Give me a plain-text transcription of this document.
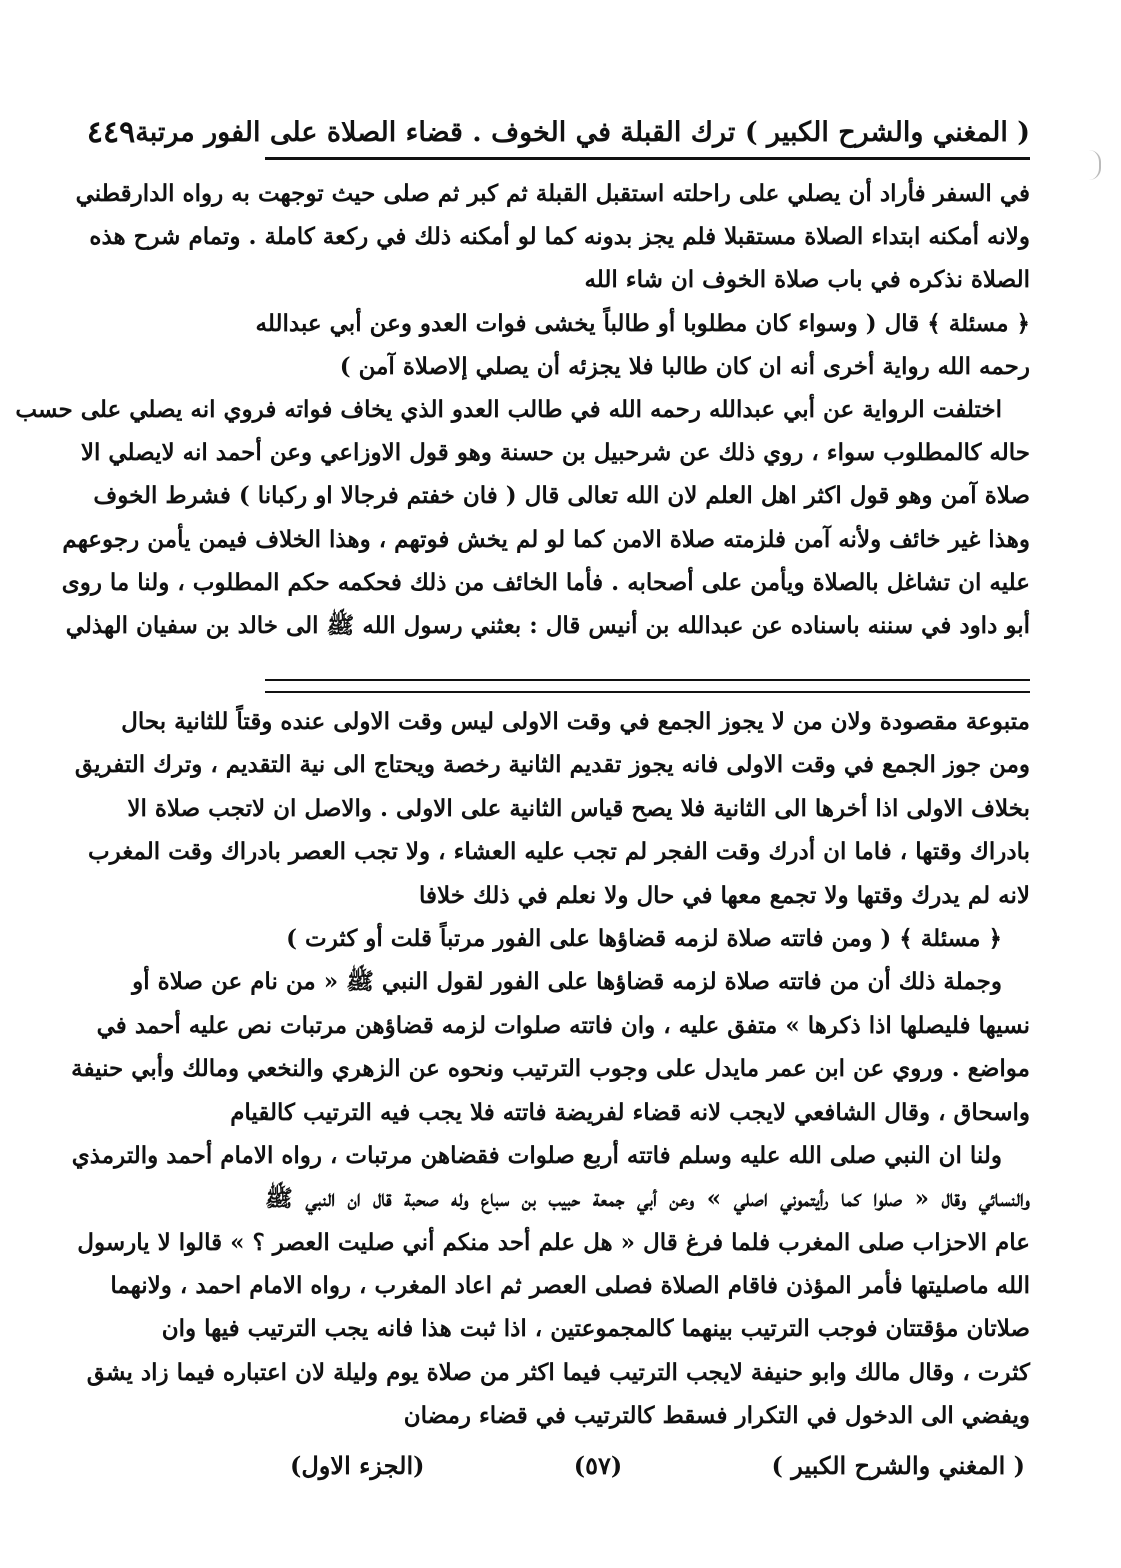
( المغني والشرح الكبير ) ترك القبلة في الخوف . قضاء الصلاة على الفور مرتبة
٤٤٩
في السفر فأراد أن يصلي على راحلته استقبل القبلة ثم كبر ثم صلى حيث توجهت به رواه الدارقطني
ولانه أمكنه ابتداء الصلاة مستقبلا فلم يجز بدونه كما لو أمكنه ذلك في ركعة كاملة . وتمام شرح هذه
الصلاة نذكره في باب صلاة الخوف ان شاء الله
﴿ مسئلة ﴾ قال ( وسواء كان مطلوبا أو طالباً يخشى فوات العدو وعن أبي عبدالله
رحمه الله رواية أخرى أنه ان كان طالبا فلا يجزئه أن يصلي إلاصلاة آمن )
اختلفت الرواية عن أبي عبدالله رحمه الله في طالب العدو الذي يخاف فواته فروي انه يصلي على حسب
حاله كالمطلوب سواء ، روي ذلك عن شرحبيل بن حسنة وهو قول الاوزاعي وعن أحمد انه لايصلي الا
صلاة آمن وهو قول اكثر اهل العلم لان الله تعالى قال ( فان خفتم فرجالا او ركبانا ) فشرط الخوف
وهذا غير خائف ولأنه آمن فلزمته صلاة الامن كما لو لم يخش فوتهم ، وهذا الخلاف فيمن يأمن رجوعهم
عليه ان تشاغل بالصلاة ويأمن على أصحابه . فأما الخائف من ذلك فحكمه حكم المطلوب ، ولنا ما روى
أبو داود في سننه باسناده عن عبدالله بن أنيس قال : بعثني رسول الله ﷺ الى خالد بن سفيان الهذلي
متبوعة مقصودة ولان من لا يجوز الجمع في وقت الاولى ليس وقت الاولى عنده وقتاً للثانية بحال
ومن جوز الجمع في وقت الاولى فانه يجوز تقديم الثانية رخصة ويحتاج الى نية التقديم ، وترك التفريق
بخلاف الاولى اذا أخرها الى الثانية فلا يصح قياس الثانية على الاولى . والاصل ان لاتجب صلاة الا
بادراك وقتها ، فاما ان أدرك وقت الفجر لم تجب عليه العشاء ، ولا تجب العصر بادراك وقت المغرب
لانه لم يدرك وقتها ولا تجمع معها في حال ولا نعلم في ذلك خلافا
﴿ مسئلة ﴾ ( ومن فاتته صلاة لزمه قضاؤها على الفور مرتباً قلت أو كثرت )
وجملة ذلك أن من فاتته صلاة لزمه قضاؤها على الفور لقول النبي ﷺ « من نام عن صلاة أو
نسيها فليصلها اذا ذكرها » متفق عليه ، وان فاتته صلوات لزمه قضاؤهن مرتبات نص عليه أحمد في
مواضع . وروي عن ابن عمر مايدل على وجوب الترتيب ونحوه عن الزهري والنخعي ومالك وأبي حنيفة
واسحاق ، وقال الشافعي لايجب لانه قضاء لفريضة فاتته فلا يجب فيه الترتيب كالقيام
ولنا ان النبي صلى الله عليه وسلم فاتته أربع صلوات فقضاهن مرتبات ، رواه الامام أحمد والترمذي
والنسائي وقال « صلوا كما رأيتموني اصلي » وعن أبي جمعة حبيب بن سباع وله صحبة قال ان النبي ﷺ
عام الاحزاب صلى المغرب فلما فرغ قال « هل علم أحد منكم أني صليت العصر ؟ » قالوا لا يارسول
الله ماصليتها فأمر المؤذن فاقام الصلاة فصلى العصر ثم اعاد المغرب ، رواه الامام احمد ، ولانهما
صلاتان مؤقتتان فوجب الترتيب بينهما كالمجموعتين ، اذا ثبت هذا فانه يجب الترتيب فيها وان
كثرت ، وقال مالك وابو حنيفة لايجب الترتيب فيما اكثر من صلاة يوم وليلة لان اعتباره فيما زاد يشق
ويفضي الى الدخول في التكرار فسقط كالترتيب في قضاء رمضان
( المغني والشرح الكبير )
(٥٧)
(الجزء الاول)
